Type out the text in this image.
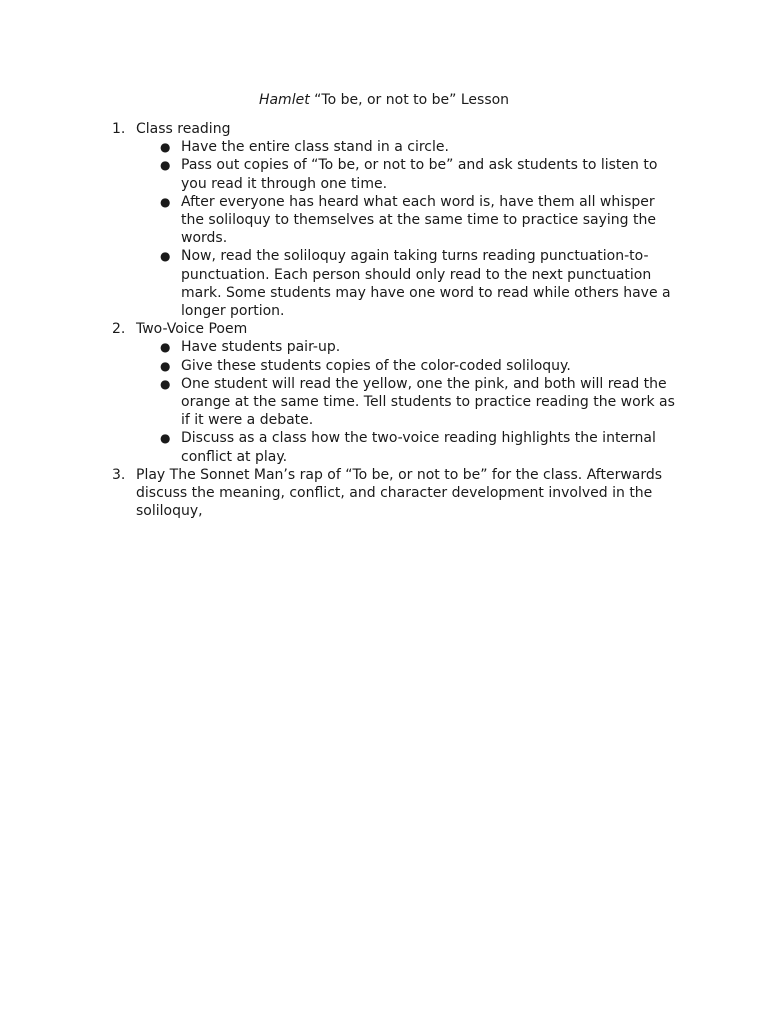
Hamlet “To be, or not to be” Lesson
1. Class reading
● Have the entire class stand in a circle.
● Pass out copies of “To be, or not to be” and ask students to listen to you read it through one time.
● After everyone has heard what each word is, have them all whisper the soliloquy to themselves at the same time to practice saying the words.
● Now, read the soliloquy again taking turns reading punctuation-to-punctuation. Each person should only read to the next punctuation mark. Some students may have one word to read while others have a longer portion.
2. Two-Voice Poem
● Have students pair-up.
● Give these students copies of the color-coded soliloquy.
● One student will read the yellow, one the pink, and both will read the orange at the same time. Tell students to practice reading the work as if it were a debate.
● Discuss as a class how the two-voice reading highlights the internal conflict at play.
3. Play The Sonnet Man’s rap of “To be, or not to be” for the class. Afterwards discuss the meaning, conflict, and character development involved in the soliloquy,
